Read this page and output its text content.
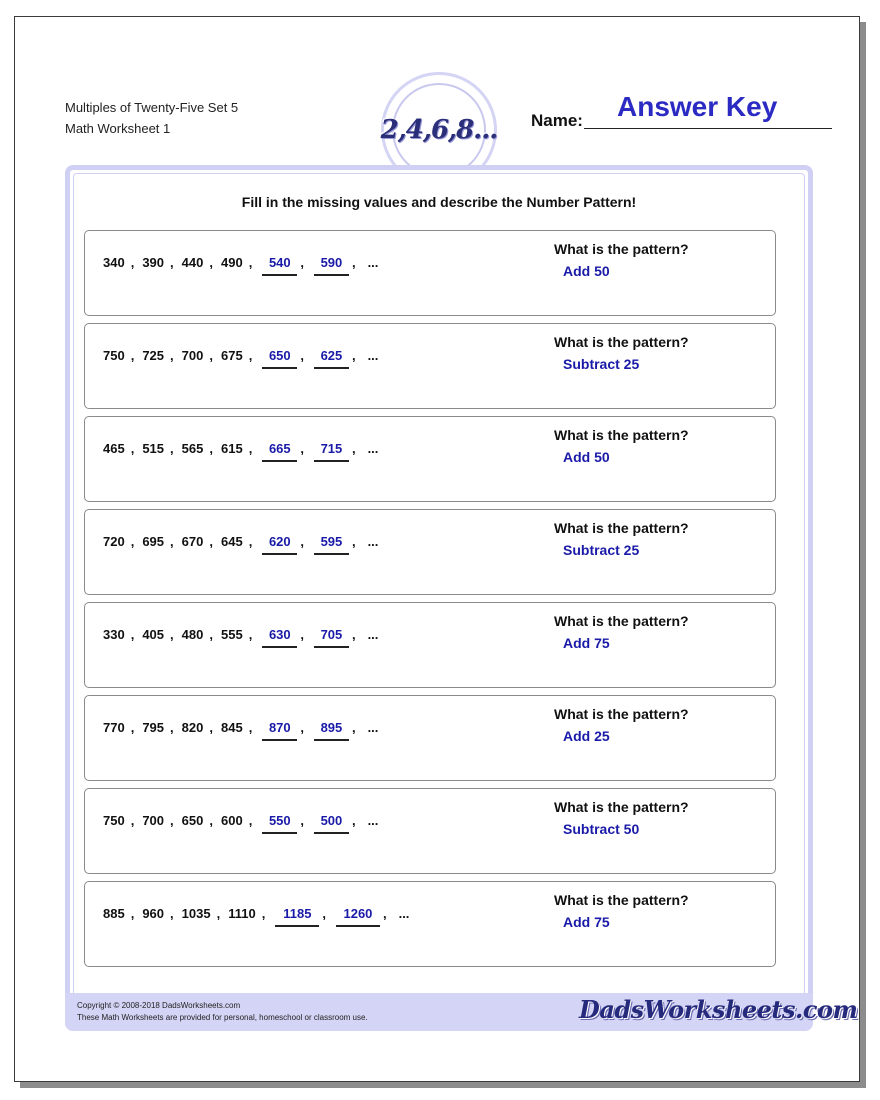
Multiples of Twenty-Five Set 5
Math Worksheet 1	2,4,6,8... Name: Answer Key
Fill in the missing values and describe the Number Pattern!
340 , 390 , 440 , 490 ,	540 ,	590 , ...
What is the pattern?
Add 50
750 , 725 , 700 , 675 ,	650 ,	625 , ...
What is the pattern?
Subtract 25
465 , 515 , 565 , 615 ,	665 ,	715 , ...
What is the pattern?
Add 50
720 , 695 , 670 , 645 ,	620 ,	595 , ...
What is the pattern?
Subtract 25
330 , 405 , 480 , 555 ,	630 ,	705 , ...
What is the pattern?
Add 75
770 , 795 , 820 , 845 ,	870 ,	895 , ...
What is the pattern?
Add 25
750 , 700 , 650 , 600 ,	550 ,	500 , ...
What is the pattern?
Subtract 50
885 , 960 , 1035 , 1110 ,	1185 ,	1260 , ...
What is the pattern?
Add 75
Copyright © 2008-2018 DadsWorksheets.com
These Math Worksheets are provided for personal, homeschool or classroom use.	DadsWorksheets.com
